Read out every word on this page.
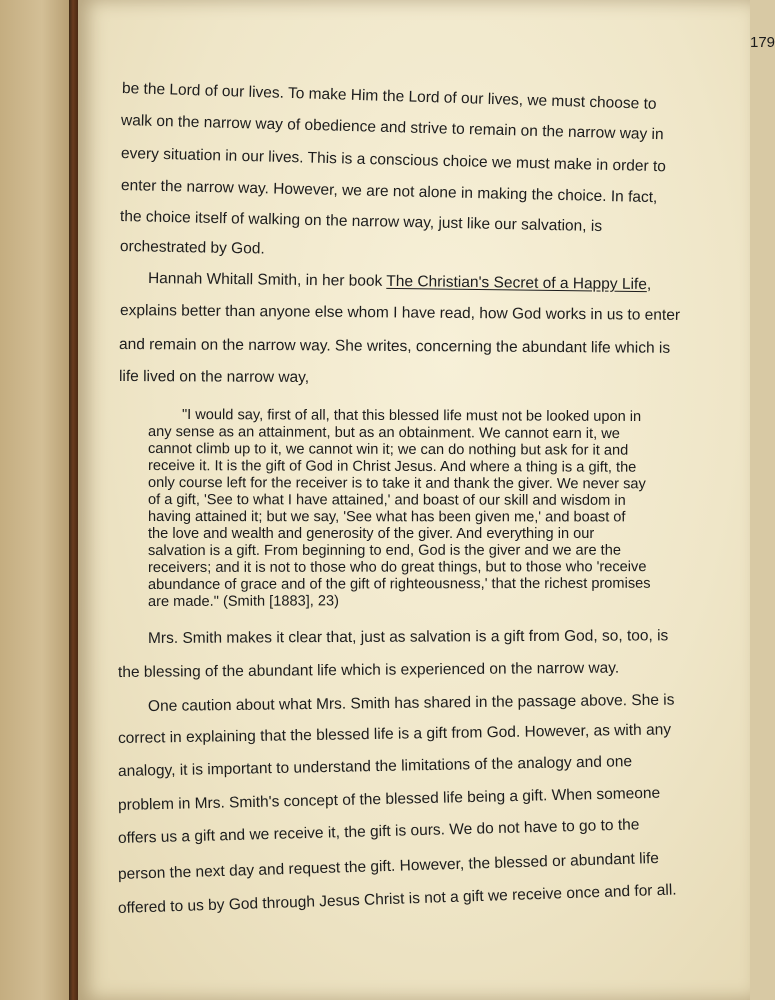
179

be the Lord of our lives. To make Him the Lord of our lives, we must choose to

walk on the narrow way of obedience and strive to remain on the narrow way in

every situation in our lives. This is a conscious choice we must make in order to

enter the narrow way. However, we are not alone in making the choice. In fact,

the choice itself of walking on the narrow way, just like our salvation, is

orchestrated by God.

Hannah Whitall Smith, in her book The Christian's Secret of a Happy Life,

explains better than anyone else whom I have read, how God works in us to enter

and remain on the narrow way. She writes, concerning the abundant life which is

life lived on the narrow way,

"I would say, first of all, that this blessed life must not be looked upon in

any sense as an attainment, but as an obtainment. We cannot earn it, we

cannot climb up to it, we cannot win it; we can do nothing but ask for it and

receive it. It is the gift of God in Christ Jesus. And where a thing is a gift, the

only course left for the receiver is to take it and thank the giver. We never say

of a gift, 'See to what I have attained,' and boast of our skill and wisdom in

having attained it; but we say, 'See what has been given me,' and boast of

the love and wealth and generosity of the giver. And everything in our

salvation is a gift. From beginning to end, God is the giver and we are the

receivers; and it is not to those who do great things, but to those who 'receive

abundance of grace and of the gift of righteousness,' that the richest promises

are made." (Smith [1883], 23)

Mrs. Smith makes it clear that, just as salvation is a gift from God, so, too, is

the blessing of the abundant life which is experienced on the narrow way.

One caution about what Mrs. Smith has shared in the passage above. She is

correct in explaining that the blessed life is a gift from God. However, as with any

analogy, it is important to understand the limitations of the analogy and one

problem in Mrs. Smith's concept of the blessed life being a gift. When someone

offers us a gift and we receive it, the gift is ours. We do not have to go to the

person the next day and request the gift. However, the blessed or abundant life

offered to us by God through Jesus Christ is not a gift we receive once and for all.
